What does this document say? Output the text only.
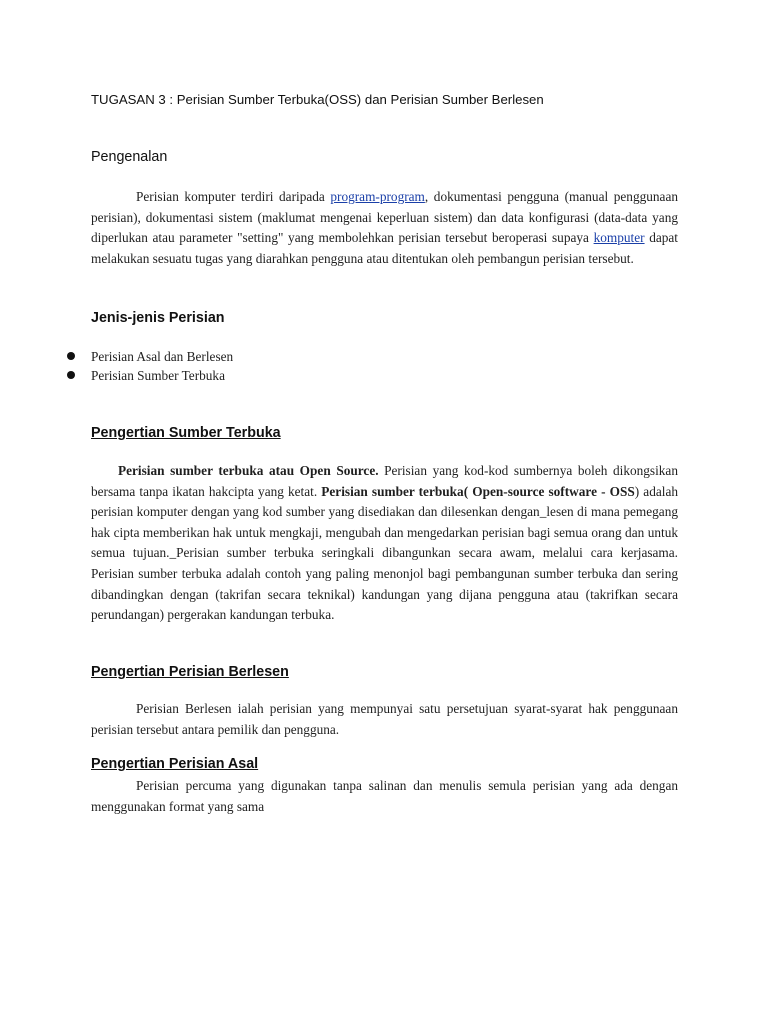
TUGASAN 3 : Perisian Sumber Terbuka(OSS) dan Perisian Sumber Berlesen
Pengenalan
Perisian komputer terdiri daripada program-program, dokumentasi pengguna (manual penggunaan perisian), dokumentasi sistem (maklumat mengenai keperluan sistem) dan data konfigurasi (data-data yang diperlukan atau parameter "setting" yang membolehkan perisian tersebut beroperasi supaya komputer dapat melakukan sesuatu tugas yang diarahkan pengguna atau ditentukan oleh pembangun perisian tersebut.
Jenis-jenis Perisian
Perisian Asal dan Berlesen
Perisian Sumber Terbuka
Pengertian Sumber Terbuka
Perisian sumber terbuka atau Open Source. Perisian yang kod-kod sumbernya boleh dikongsikan bersama tanpa ikatan hakcipta yang ketat. Perisian sumber terbuka( Open-source software - OSS) adalah perisian komputer dengan yang kod sumber yang disediakan dan dilesenkan dengan_lesen di mana pemegang hak cipta memberikan hak untuk mengkaji, mengubah dan mengedarkan perisian bagi semua orang dan untuk semua tujuan._Perisian sumber terbuka seringkali dibangunkan secara awam, melalui cara kerjasama. Perisian sumber terbuka adalah contoh yang paling menonjol bagi pembangunan sumber terbuka dan sering dibandingkan dengan (takrifan secara teknikal) kandungan yang dijana pengguna atau (takrifkan secara perundangan) pergerakan kandungan terbuka.
Pengertian Perisian Berlesen
Perisian Berlesen ialah perisian yang mempunyai satu persetujuan syarat-syarat hak penggunaan perisian tersebut antara pemilik dan pengguna.
Pengertian Perisian Asal
Perisian percuma yang digunakan tanpa salinan dan menulis semula perisian yang ada dengan menggunakan format yang sama
